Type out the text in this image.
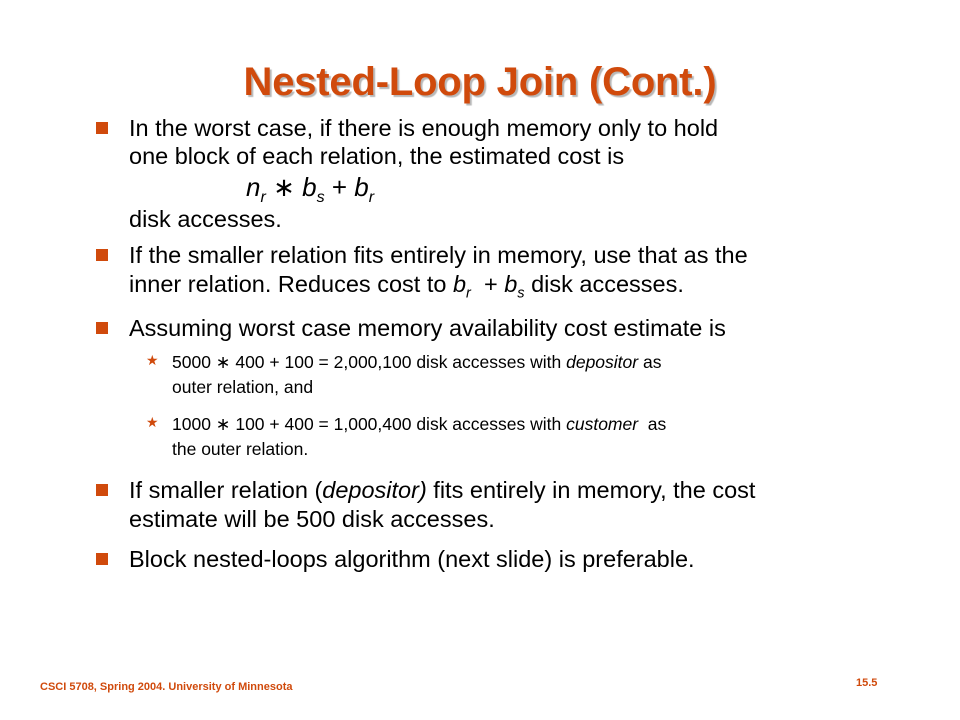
Nested-Loop Join (Cont.)
In the worst case, if there is enough memory only to hold
one block of each relation, the estimated cost is
$n_r$ ∗ $b_s + b_r$
disk accesses.
If the smaller relation fits entirely in memory, use that as the
inner relation. Reduces cost to $b_r + b_s$ disk accesses.
Assuming worst case memory availability cost estimate is
★ 5000 ∗ 400 + 100 = 2,000,100 disk accesses with depositor as
outer relation, and
★ 1000 ∗ 100 + 400 = 1,000,400 disk accesses with customer  as
the outer relation.
If smaller relation (depositor) fits entirely in memory, the cost
estimate will be 500 disk accesses.
Block nested-loops algorithm (next slide) is preferable.
CSCI 5708, Spring 2004. University of Minnesota	15.5
